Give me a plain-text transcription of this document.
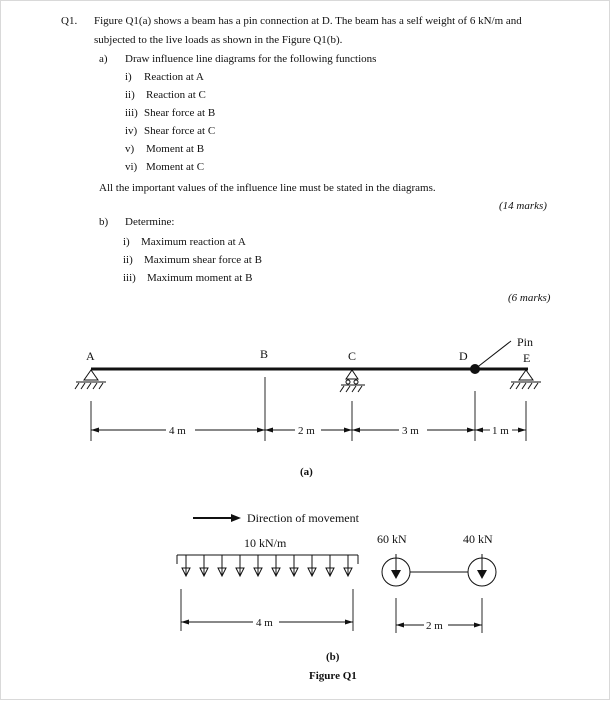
Q1. Figure Q1(a) shows a beam has a pin connection at D. The beam has a self weight of 6 kN/m and
subjected to the live loads as shown in the Figure Q1(b).
a) Draw influence line diagrams for the following functions
i) Reaction at A
ii) Reaction at C
iii) Shear force at B
iv) Shear force at C
v) Moment at B
vi) Moment at C
All the important values of the influence line must be stated in the diagrams.
(14 marks)
b) Determine:
i) Maximum reaction at A
ii) Maximum shear force at B
iii) Maximum moment at B
(6 marks)
A	B	C	D	E
Pin
4 m	2 m	3 m	1 m
(a)
Direction of movement
10 kN/m	60 kN	40 kN
4 m	2 m
(b)
Figure Q1
